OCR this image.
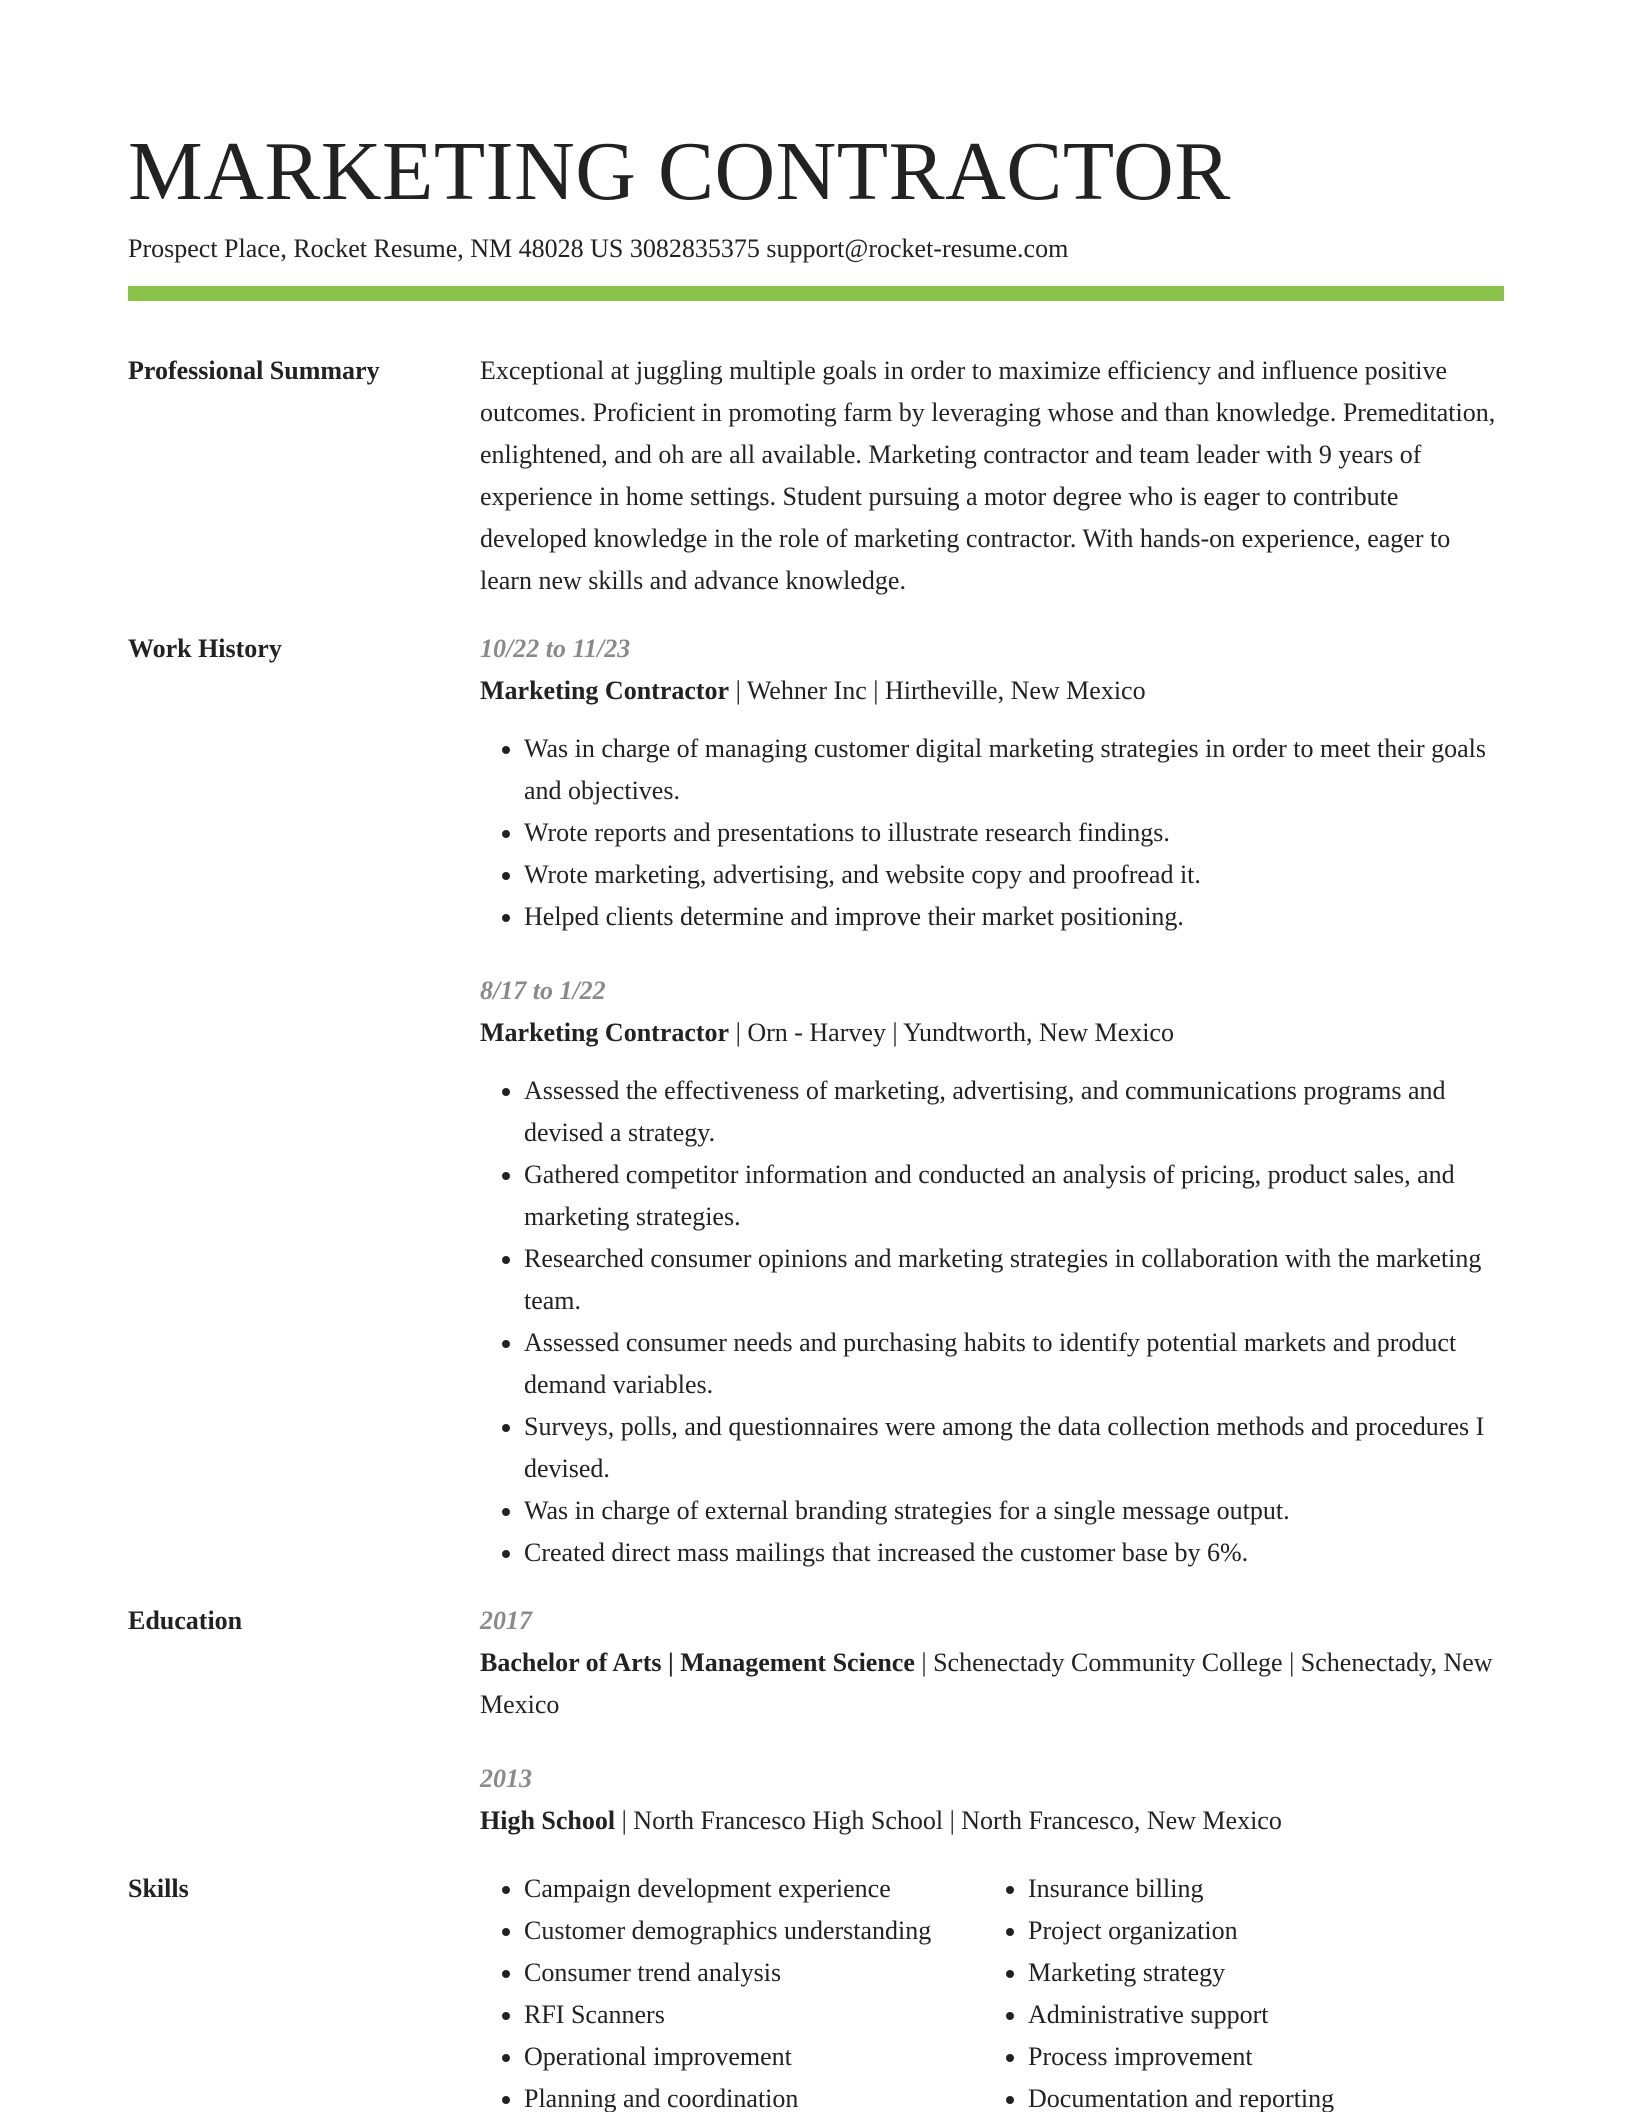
MARKETING CONTRACTOR
Prospect Place, Rocket Resume, NM 48028 US 3082835375 support@rocket-resume.com
Professional Summary	Exceptional at juggling multiple goals in order to maximize efficiency and influence positive outcomes. Proficient in promoting farm by leveraging whose and than knowledge. Premeditation, enlightened, and oh are all available. Marketing contractor and team leader with 9 years of experience in home settings. Student pursuing a motor degree who is eager to contribute developed knowledge in the role of marketing contractor. With hands-on experience, eager to learn new skills and advance knowledge.

Work History	10/22 to 11/23
Marketing Contractor | Wehner Inc | Hirtheville, New Mexico
• Was in charge of managing customer digital marketing strategies in order to meet their goals and objectives.
• Wrote reports and presentations to illustrate research findings.
• Wrote marketing, advertising, and website copy and proofread it.
• Helped clients determine and improve their market positioning.
8/17 to 1/22
Marketing Contractor | Orn - Harvey | Yundtworth, New Mexico
• Assessed the effectiveness of marketing, advertising, and communications programs and devised a strategy.
• Gathered competitor information and conducted an analysis of pricing, product sales, and marketing strategies.
• Researched consumer opinions and marketing strategies in collaboration with the marketing team.
• Assessed consumer needs and purchasing habits to identify potential markets and product demand variables.
• Surveys, polls, and questionnaires were among the data collection methods and procedures I devised.
• Was in charge of external branding strategies for a single message output.
• Created direct mass mailings that increased the customer base by 6%.
Education	2017
Bachelor of Arts | Management Science | Schenectady Community College | Schenectady, New Mexico
2013
High School | North Francesco High School | North Francesco, New Mexico
Skills
•	Campaign development experience
• Customer demographics understanding
• Consumer trend analysis
• RFI Scanners
• Operational improvement
• Planning and coordination
• Insurance billing
• Project organization
• Marketing strategy
• Administrative support
• Process improvement
• Documentation and reporting
